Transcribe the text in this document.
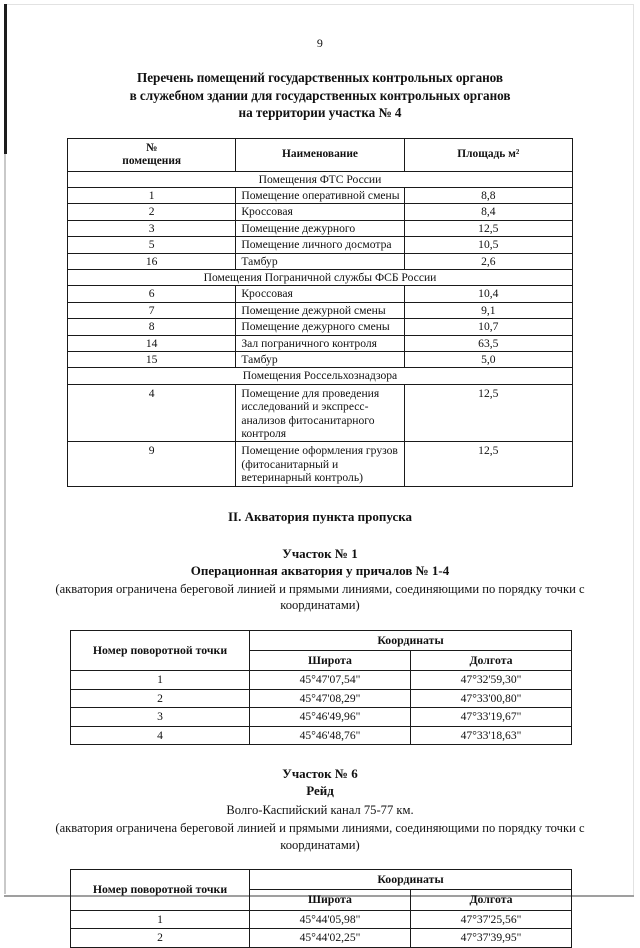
9
Перечень помещений государственных контрольных органов
в служебном здании для государственных контрольных органов
на территории участка № 4
№
помещения	Наименование	Площадь м²
Помещения ФТС России		
1	Помещение оперативной смены	8,8
2	Кроссовая	8,4
3	Помещение дежурного	12,5
5	Помещение личного досмотра	10,5
16	Тамбур	2,6
Помещения Пограничной службы ФСБ России		
6	Кроссовая	10,4
7	Помещение дежурной смены	9,1
8	Помещение дежурного смены	10,7
14	Зал пограничного контроля	63,5
15	Тамбур	5,0
Помещения Россельхознадзора		
4	Помещение для проведения исследований и экспресс-анализов фитосанитарного контроля	12,5
9	Помещение оформления грузов (фитосанитарный и ветеринарный контроль)	12,5
II. Акватория пункта пропуска
Участок № 1
Операционная акватория у причалов № 1-4
(акватория ограничена береговой линией и прямыми линиями, соединяющими по порядку точки с координатами)
Номер поворотной точки	Координаты	
	Широта	Долгота
1	45°47'07,54"	47°32'59,30"
2	45°47'08,29"	47°33'00,80"
3	45°46'49,96"	47°33'19,67"
4	45°46'48,76"	47°33'18,63"
Участок № 6
Рейд
Волго-Каспийский канал 75-77 км.
(акватория ограничена береговой линией и прямыми линиями, соединяющими по порядку точки с координатами)
Номер поворотной точки	Координаты	
	Широта	Долгота
1	45°44'05,98"	47°37'25,56"
2	45°44'02,25"	47°37'39,95"
